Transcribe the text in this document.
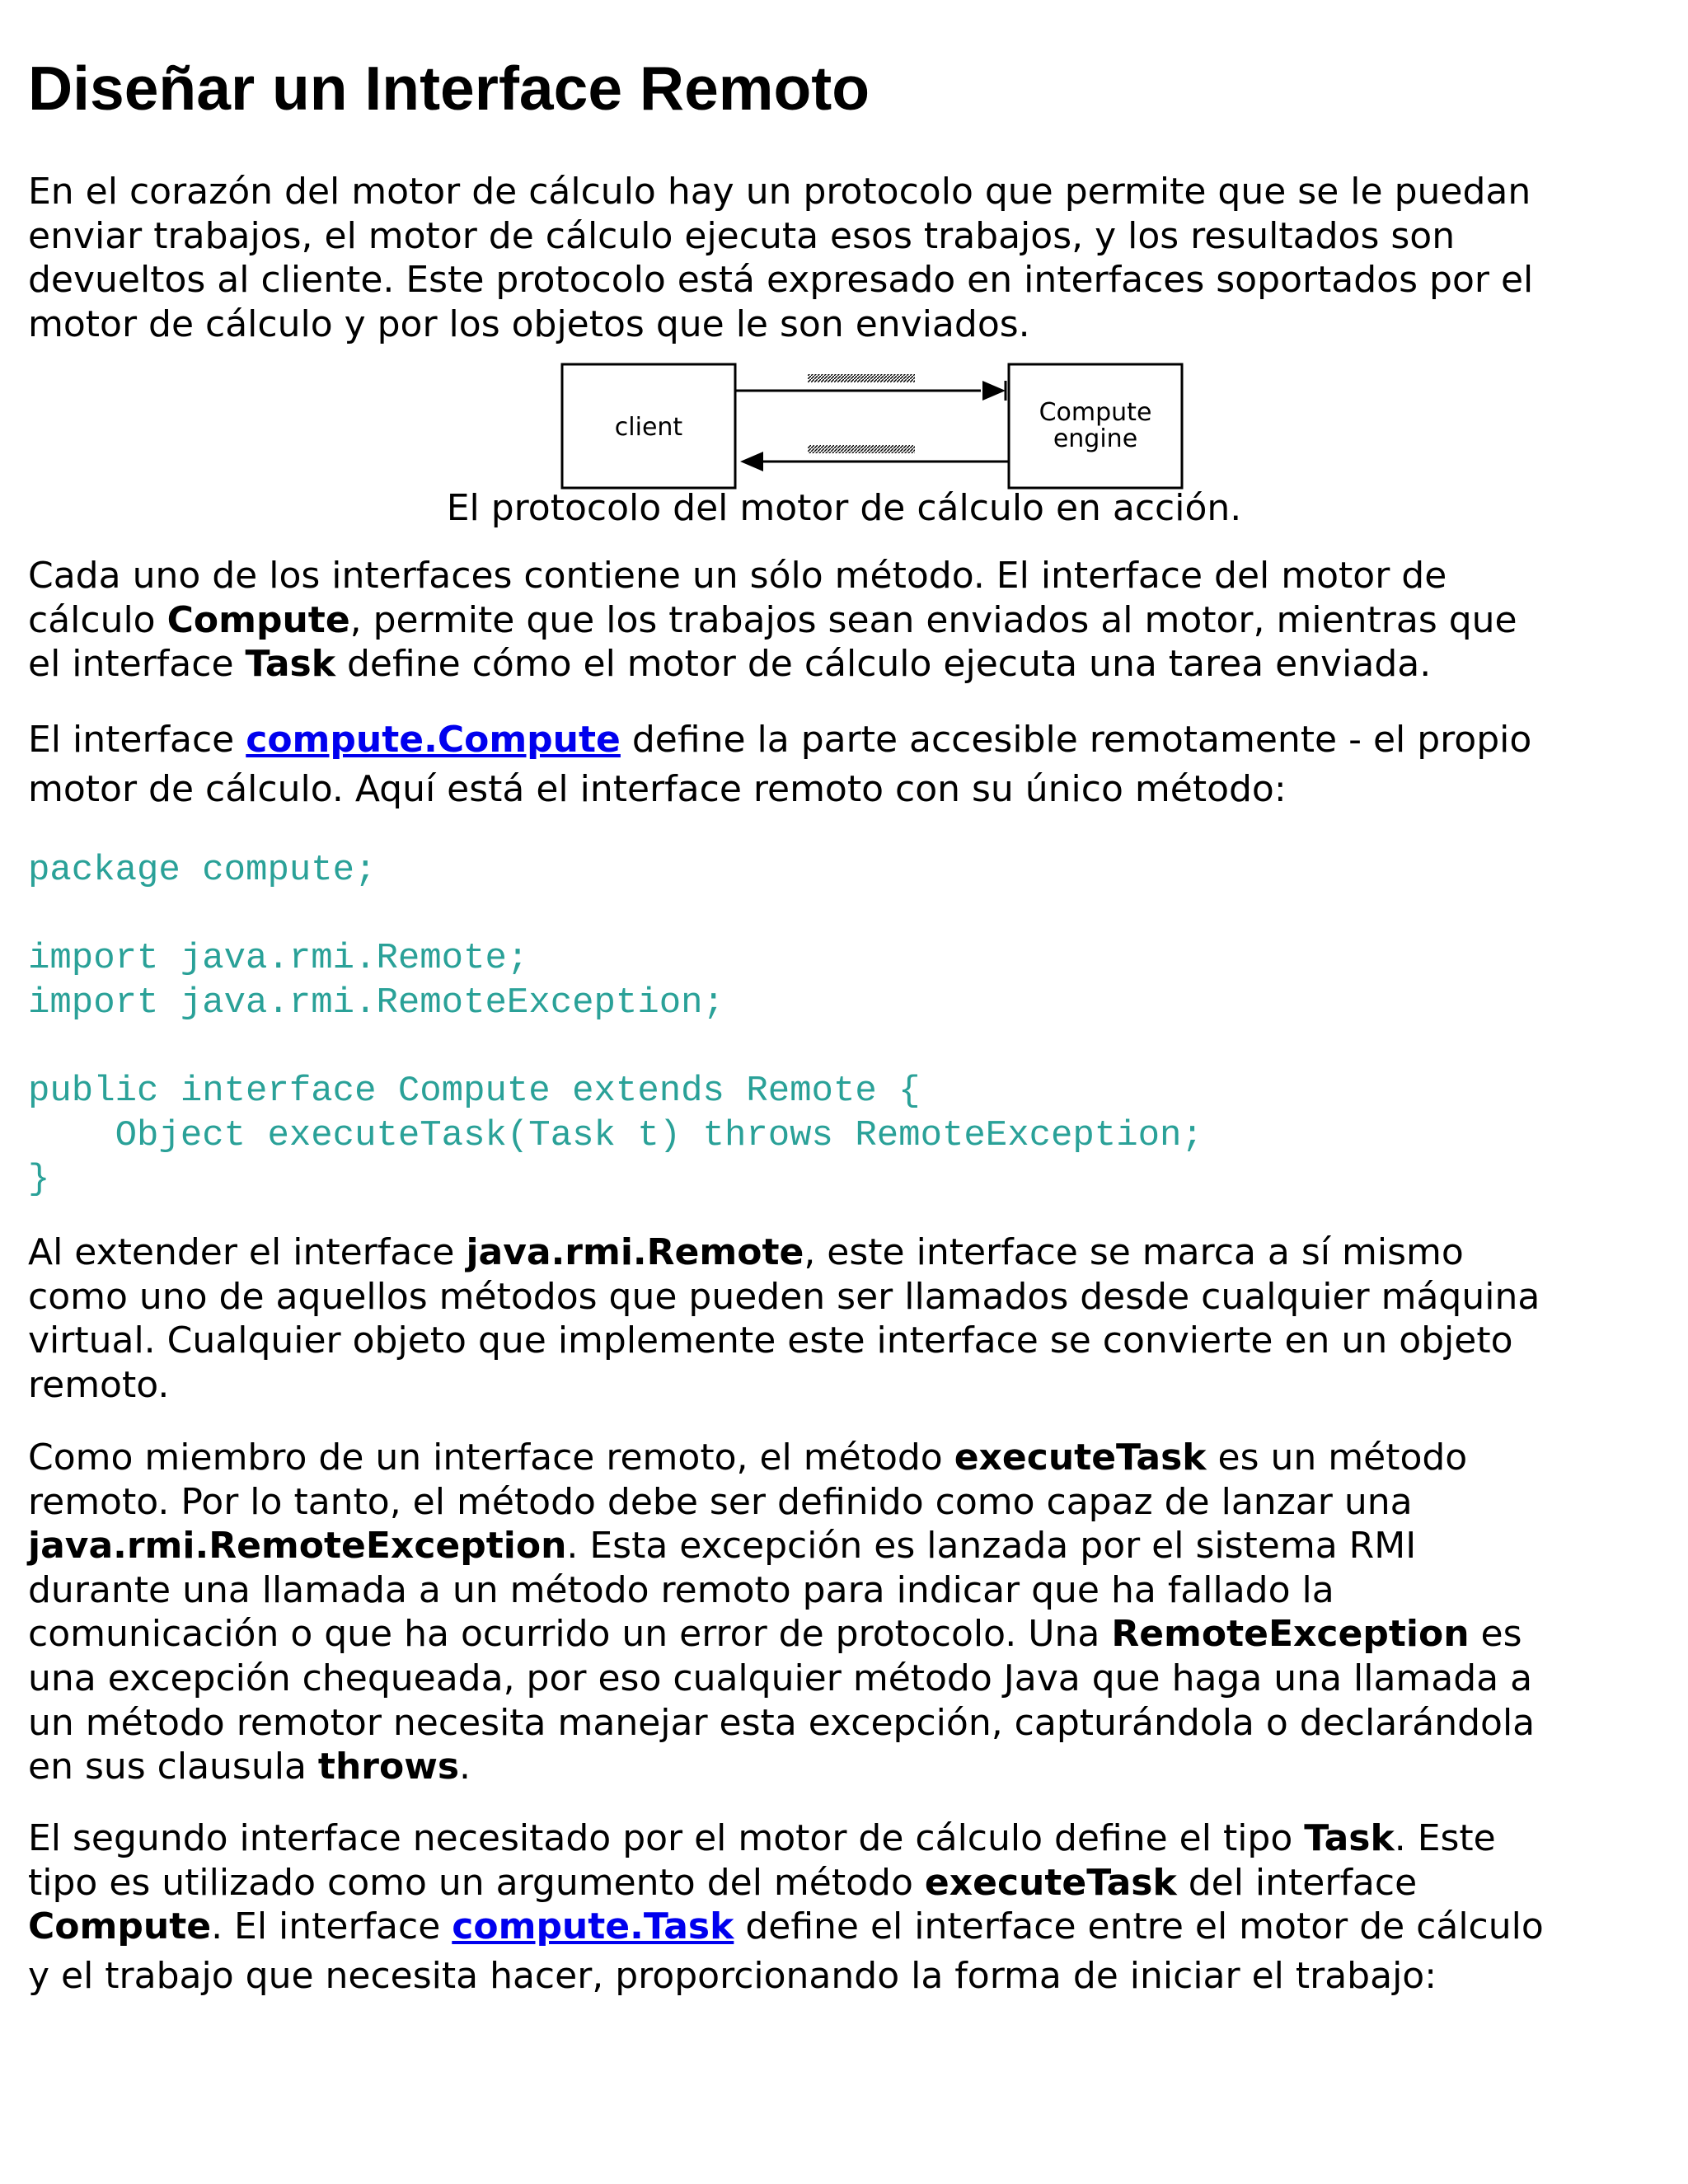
Diseñar un Interface Remoto

En el corazón del motor de cálculo hay un protocolo que permite que se le puedan
enviar trabajos, el motor de cálculo ejecuta esos trabajos, y los resultados son
devueltos al cliente. Este protocolo está expresado en interfaces soportados por el
motor de cálculo y por los objetos que le son enviados.

client
Compute
engine
El protocolo del motor de cálculo en acción.

Cada uno de los interfaces contiene un sólo método. El interface del motor de
cálculo Compute, permite que los trabajos sean enviados al motor, mientras que
el interface Task define cómo el motor de cálculo ejecuta una tarea enviada.

El interface compute.Compute define la parte accesible remotamente - el propio
motor de cálculo. Aquí está el interface remoto con su único método:

package compute;
import java.rmi.Remote;
import java.rmi.RemoteException;
public interface Compute extends Remote {
Object executeTask(Task t) throws RemoteException;
}

Al extender el interface java.rmi.Remote, este interface se marca a sí mismo
como uno de aquellos métodos que pueden ser llamados desde cualquier máquina
virtual. Cualquier objeto que implemente este interface se convierte en un objeto
remoto.

Como miembro de un interface remoto, el método executeTask es un método
remoto. Por lo tanto, el método debe ser definido como capaz de lanzar una
java.rmi.RemoteException. Esta excepción es lanzada por el sistema RMI
durante una llamada a un método remoto para indicar que ha fallado la
comunicación o que ha ocurrido un error de protocolo. Una RemoteException es
una excepción chequeada, por eso cualquier método Java que haga una llamada a
un método remotor necesita manejar esta excepción, capturándola o declarándola
en sus clausula throws.

El segundo interface necesitado por el motor de cálculo define el tipo Task. Este
tipo es utilizado como un argumento del método executeTask del interface
Compute. El interface compute.Task define el interface entre el motor de cálculo
y el trabajo que necesita hacer, proporcionando la forma de iniciar el trabajo:
